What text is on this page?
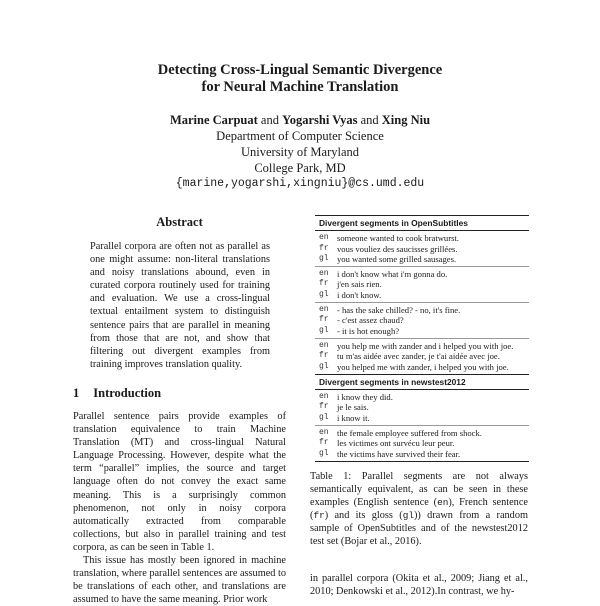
Detecting Cross-Lingual Semantic Divergence
for Neural Machine Translation
Marine Carpuat and Yogarshi Vyas and Xing Niu
Department of Computer Science
University of Maryland
College Park, MD
{marine,yogarshi,xingniu}@cs.umd.edu
Abstract
Parallel corpora are often not as parallel as one might assume: non-literal translations and noisy translations abound, even in curated corpora routinely used for training and evaluation. We use a cross-lingual textual entailment system to distinguish sentence pairs that are parallel in meaning from those that are not, and show that filtering out divergent examples from training improves translation quality.
1 Introduction

Parallel sentence pairs provide examples of translation equivalence to train Machine Translation (MT) and cross-lingual Natural Language Processing. However, despite what the term “parallel” implies, the source and target language often do not convey the exact same meaning. This is a surprisingly common phenomenon, not only in noisy corpora automatically extracted from comparable collections, but also in parallel training and test corpora, as can be seen in Table 1.

This issue has mostly been ignored in machine translation, where parallel sentences are assumed to be translations of each other, and translations are assumed to have the same meaning. Prior work

Divergent segments in OpenSubtitles
en someone wanted to cook bratwurst.
fr vous vouliez des saucisses grillées.
gl you wanted some grilled sausages.
en i don't know what i'm gonna do.
fr j'en sais rien.
gl i don't know.
en - has the sake chilled? - no, it's fine.
fr - c'est assez chaud?
gl - it is hot enough?
en you help me with zander and i helped you with joe.
fr tu m'as aidée avec zander, je t'ai aidée avec joe.
gl you helped me with zander, i helped you with joe.
Divergent segments in newstest2012
en i know they did.
fr je le sais.
gl i know it.
en the female employee suffered from shock.
fr les victimes ont survécu leur peur.
gl the victims have survived their fear.
Table 1: Parallel segments are not always semantically equivalent, as can be seen in these examples (English sentence (en), French sentence (fr) and its gloss (gl)) drawn from a random sample of OpenSubtitles and of the newstest2012 test set (Bojar et al., 2016).
in parallel corpora (Okita et al., 2009; Jiang et al., 2010; Denkowski et al., 2012).In contrast, we hy-
